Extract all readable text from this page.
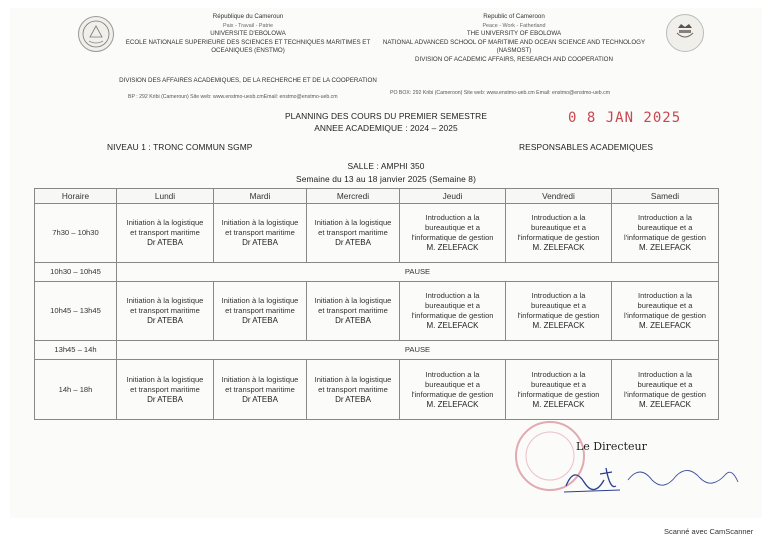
République du Cameroun
Paix - Travail - Patrie
UNIVERSITE D'EBOLOWA
ECOLE NATIONALE SUPERIEURE DES SCIENCES ET TECHNIQUES MARITIMES ET
OCEANIQUES (ENSTMO)
DIVISION DES AFFAIRES ACADEMIQUES, DE LA RECHERCHE ET DE LA COOPERATION
BP : 292 Kribi (Cameroun) Site web: www.enstmo-uesb.cmEmail: enstmo@enstmo-ueb.cm
Republic of Cameroon
Peace - Work - Fatherland
THE UNIVERSITY OF EBOLOWA
NATIONAL ADVANCED SCHOOL OF MARITIME AND OCEAN SCIENCE AND TECHNOLOGY
(NASMOST)
DIVISION OF ACADEMIC AFFAIRS, RESEARCH AND COOPERATION
PO BOX: 292 Kribi (Cameroon) Site web: www.enstmo-ueb.cm Email: enstmo@enstmo-ueb.cm
0 8 JAN 2025
PLANNING DES COURS DU PREMIER SEMESTRE
ANNEE ACADEMIQUE : 2024 – 2025
NIVEAU 1 : TRONC COMMUN SGMP	RESPONSABLES ACADEMIQUES
SALLE : AMPHI 350
Semaine du 13 au 18 janvier 2025 (Semaine 8)
Horaire	Lundi	Mardi	Mercredi	Jeudi	Vendredi	Samedi
7h30 – 10h30	Initiation à la logistique
et transport maritime
Dr ATEBA	Initiation à la logistique
et transport maritime
Dr ATEBA	Initiation à la logistique
et transport maritime
Dr ATEBA	Introduction a la
bureautique et a
l'informatique de gestion
M. ZELEFACK	Introduction a la
bureautique et a
l'informatique de gestion
M. ZELEFACK	Introduction a la
bureautique et a
l'informatique de gestion
M. ZELEFACK

10h30 – 10h45	PAUSE					
10h45 – 13h45	Initiation à la logistique
et transport maritime
Dr ATEBA	Initiation à la logistique
et transport maritime
Dr ATEBA	Initiation à la logistique
et transport maritime
Dr ATEBA	Introduction a la
bureautique et a
l'informatique de gestion
M. ZELEFACK	Introduction a la
bureautique et a
l'informatique de gestion
M. ZELEFACK	Introduction a la
bureautique et a
l'informatique de gestion
M. ZELEFACK

13h45 – 14h	PAUSE					
14h – 18h	Initiation à la logistique
et transport maritime
Dr ATEBA	Initiation à la logistique
et transport maritime
Dr ATEBA	Initiation à la logistique
et transport maritime
Dr ATEBA	Introduction a la
bureautique et a
l'informatique de gestion
M. ZELEFACK	Introduction a la
bureautique et a
l'informatique de gestion
M. ZELEFACK	Introduction a la
bureautique et a
l'informatique de gestion
M. ZELEFACK
Le Directeur
Scanné avec CamScanner
